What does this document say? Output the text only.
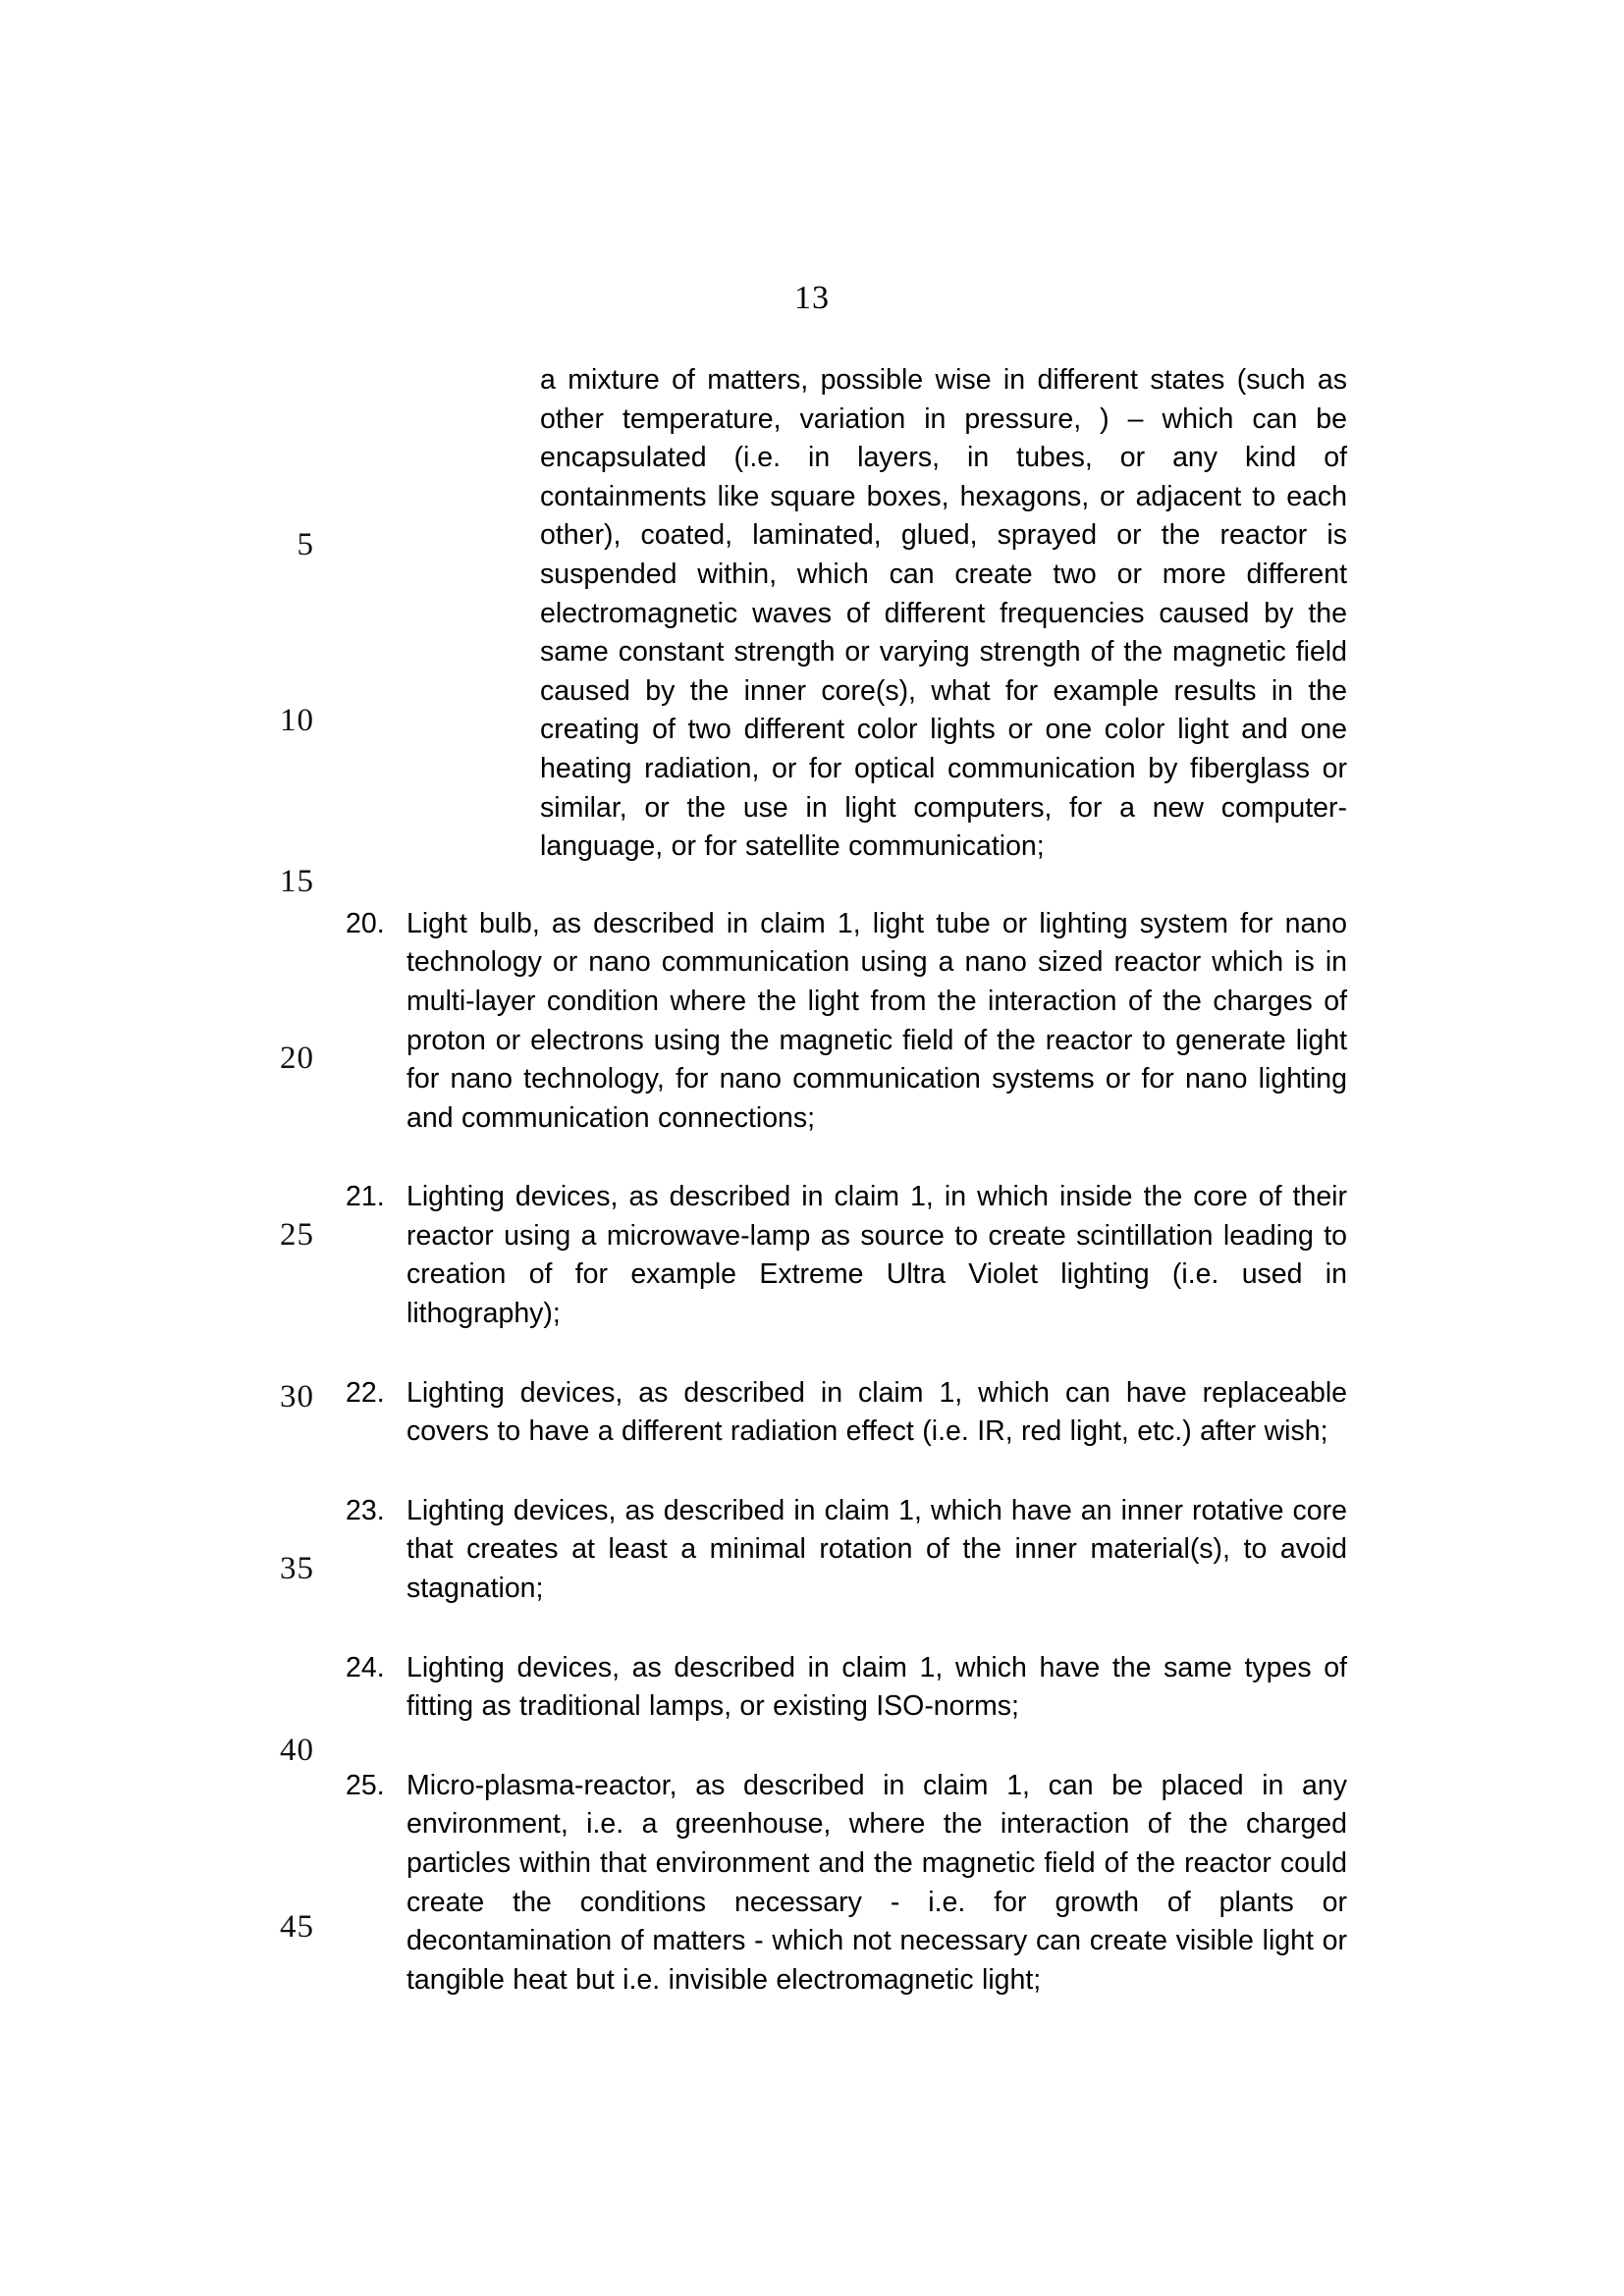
13
5
10
15
20
25
30
35
40
45

a mixture of matters, possible wise in different states (such as other temperature, variation in pressure, ) – which can be encapsulated (i.e. in layers, in tubes, or any kind of containments like square boxes, hexagons, or adjacent to each other), coated, laminated, glued, sprayed or the reactor is suspended within, which can create two or more different electromagnetic waves of different frequencies caused by the same constant strength or varying strength of the magnetic field caused by the inner core(s), what for example results in the creating of two different color lights or one color light and one heating radiation, or for optical communication by fiberglass or similar, or the use in light computers, for a new computer-language, or for satellite communication;

20. Light bulb, as described in claim 1, light tube or lighting system for nano technology or nano communication using a nano sized reactor which is in multi-layer condition where the light from the interaction of the charges of proton or electrons using the magnetic field of the reactor to generate light for nano technology, for nano communication systems or for nano lighting and communication connections;
21. Lighting devices, as described in claim 1, in which inside the core of their reactor using a microwave-lamp as source to create scintillation leading to creation of for example Extreme Ultra Violet lighting (i.e. used in lithography);
22. Lighting devices, as described in claim 1, which can have replaceable covers to have a different radiation effect (i.e. IR, red light, etc.) after wish;
23. Lighting devices, as described in claim 1, which have an inner rotative core that creates at least a minimal rotation of the inner material(s), to avoid stagnation;
24. Lighting devices, as described in claim 1, which have the same types of fitting as traditional lamps, or existing ISO-norms;
25. Micro-plasma-reactor, as described in claim 1, can be placed in any environment, i.e. a greenhouse, where the interaction of the charged particles within that environment and the magnetic field of the reactor could create the conditions necessary - i.e. for growth of plants or decontamination of matters - which not necessary can create visible light or tangible heat but i.e. invisible electromagnetic light;
